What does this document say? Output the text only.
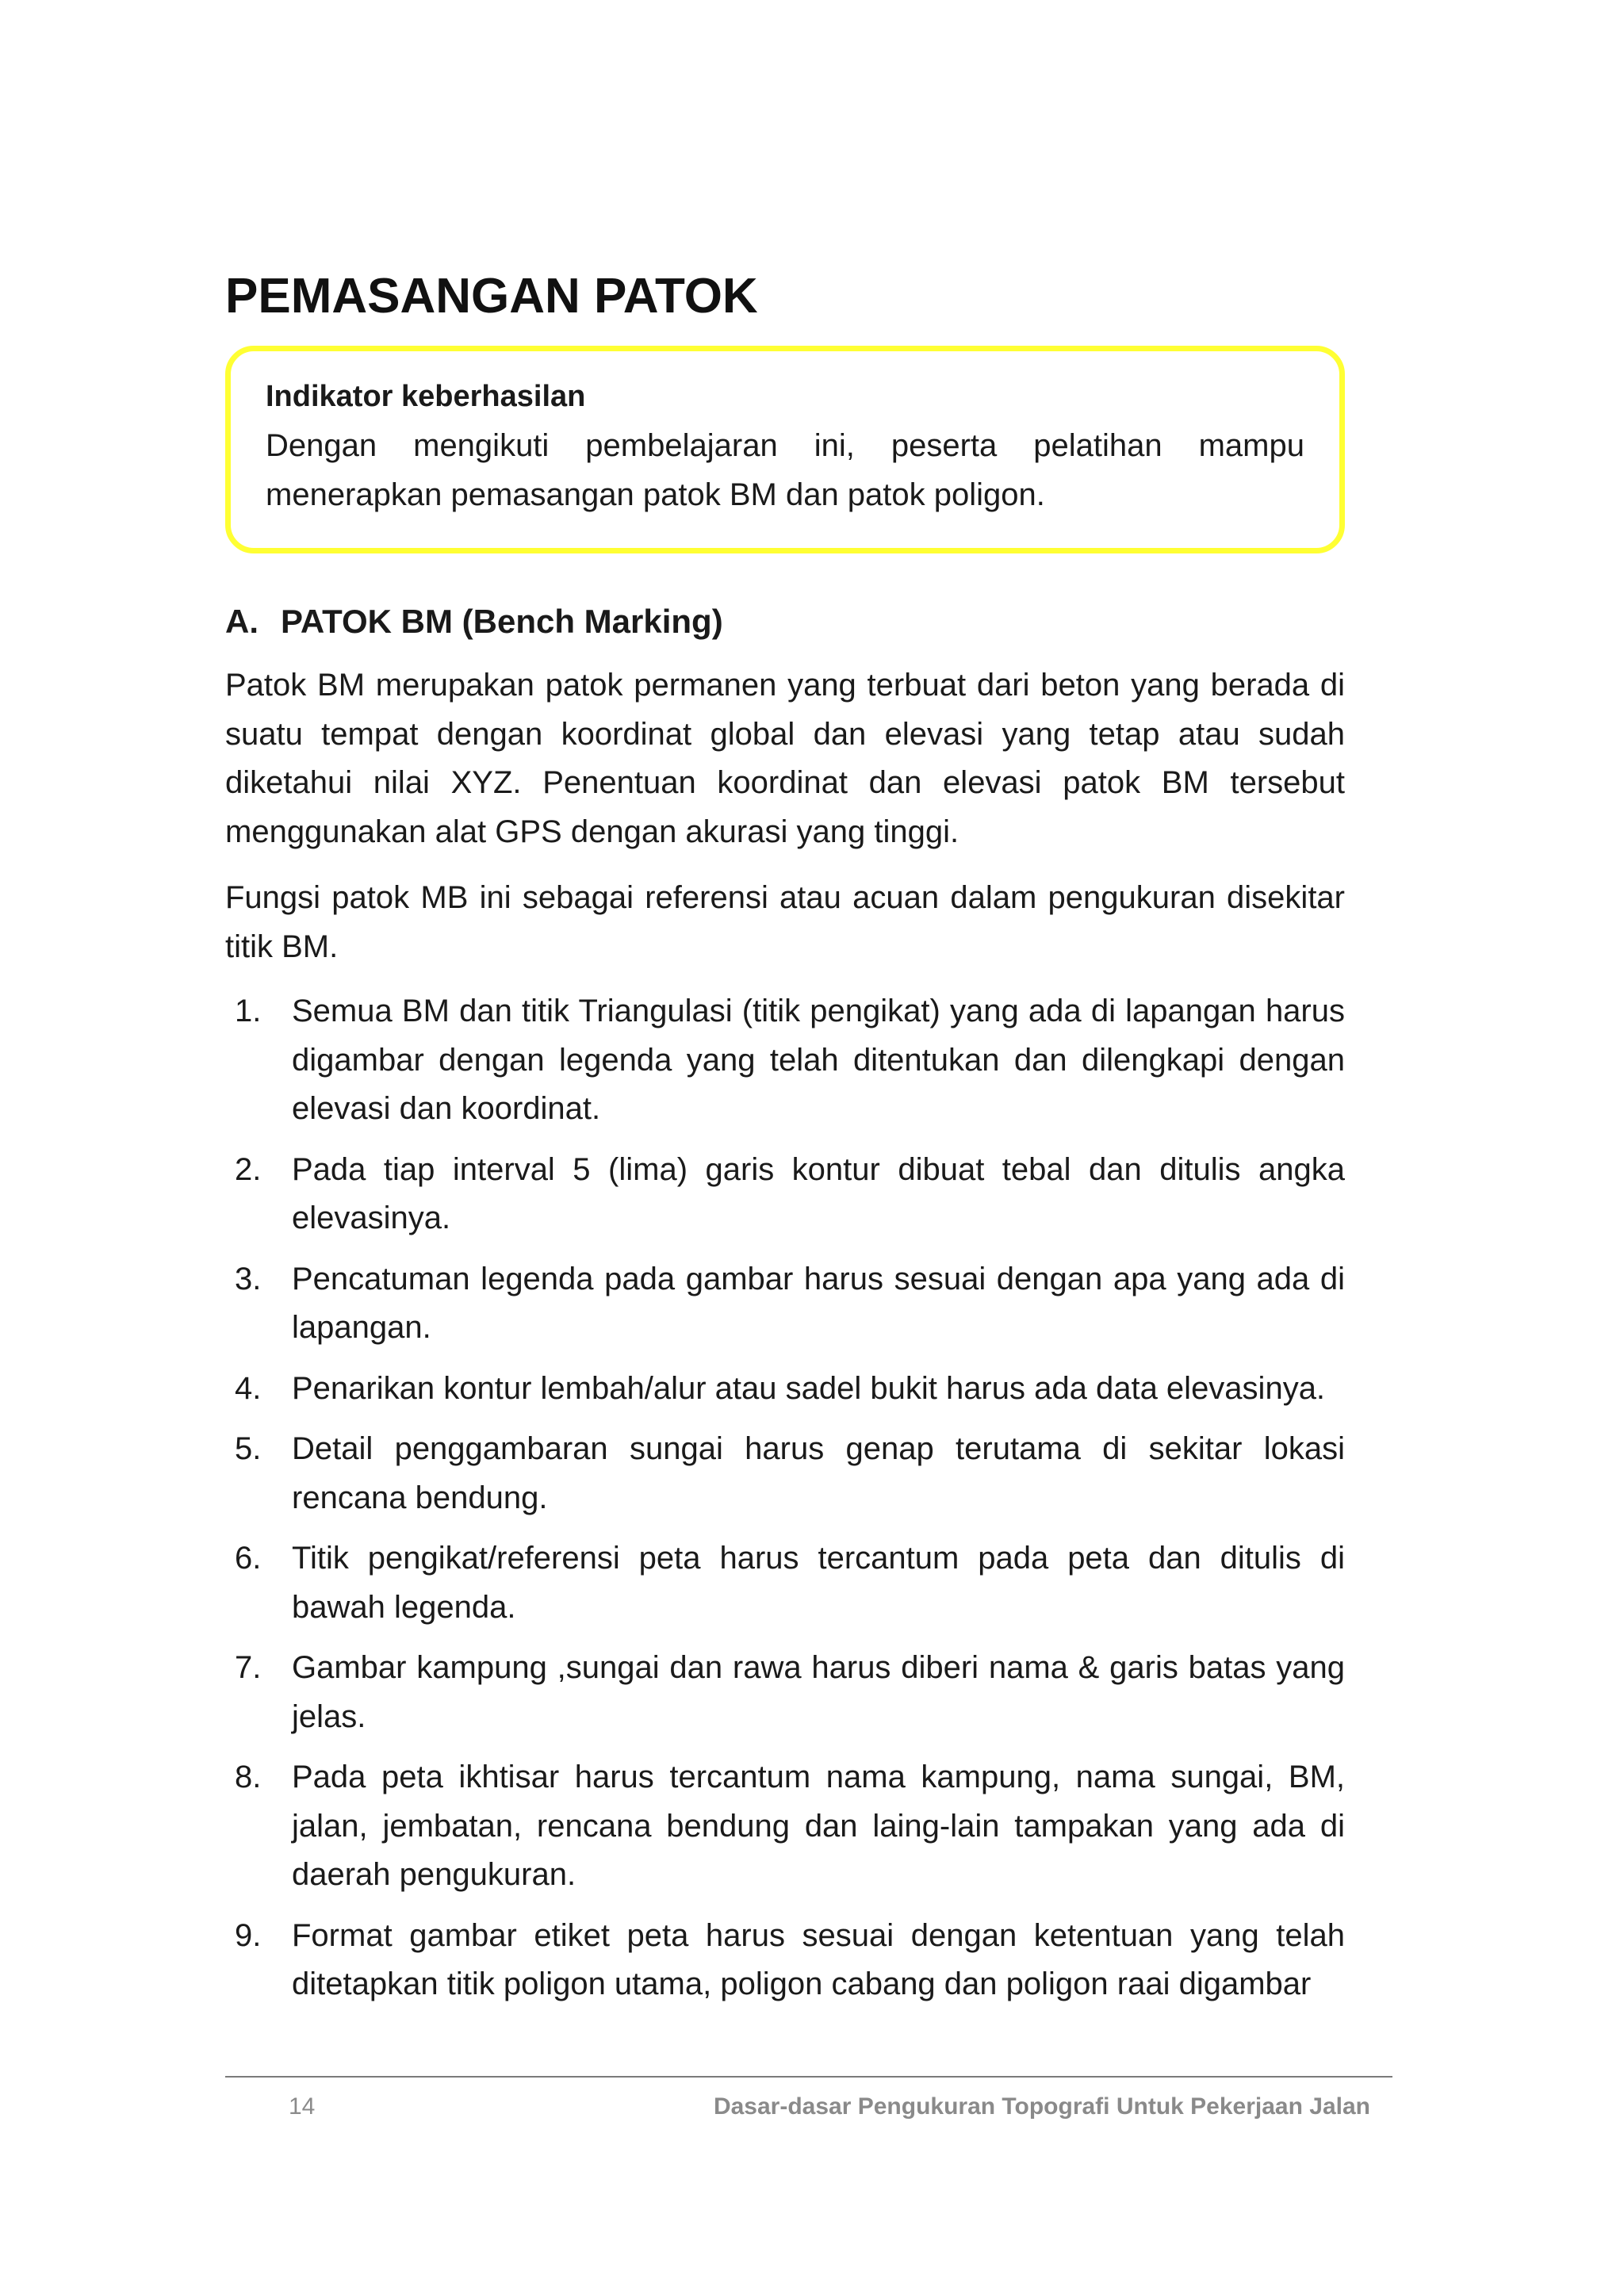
PEMASANGAN PATOK

Indikator keberhasilan

Dengan mengikuti pembelajaran ini, peserta pelatihan mampu menerapkan pemasangan patok BM dan patok poligon.

A. PATOK BM (Bench Marking)

Patok BM merupakan patok permanen yang terbuat dari beton yang berada di suatu tempat dengan koordinat global dan elevasi yang tetap atau sudah diketahui nilai XYZ. Penentuan koordinat dan elevasi patok BM tersebut menggunakan alat GPS dengan akurasi yang tinggi.

Fungsi patok MB ini sebagai referensi atau acuan dalam pengukuran disekitar titik BM.

1. Semua BM dan titik Triangulasi (titik pengikat) yang ada di lapangan harus digambar dengan legenda yang telah ditentukan dan dilengkapi dengan elevasi dan koordinat.
2. Pada tiap interval 5 (lima) garis kontur dibuat tebal dan ditulis angka elevasinya.
3. Pencatuman legenda pada gambar harus sesuai dengan apa yang ada di lapangan.
4. Penarikan kontur lembah/alur atau sadel bukit harus ada data elevasinya.
5. Detail penggambaran sungai harus genap terutama di sekitar lokasi rencana bendung.
6. Titik pengikat/referensi peta harus tercantum pada peta dan ditulis di bawah legenda.
7. Gambar kampung ,sungai dan rawa harus diberi nama & garis batas yang jelas.
8. Pada peta ikhtisar harus tercantum nama kampung, nama sungai, BM, jalan, jembatan, rencana bendung dan laing-lain tampakan yang ada di daerah pengukuran.
9. Format gambar etiket peta harus sesuai dengan ketentuan yang telah ditetapkan titik poligon utama, poligon cabang dan poligon raai digambar

14	Dasar-dasar Pengukuran Topografi Untuk Pekerjaan Jalan
